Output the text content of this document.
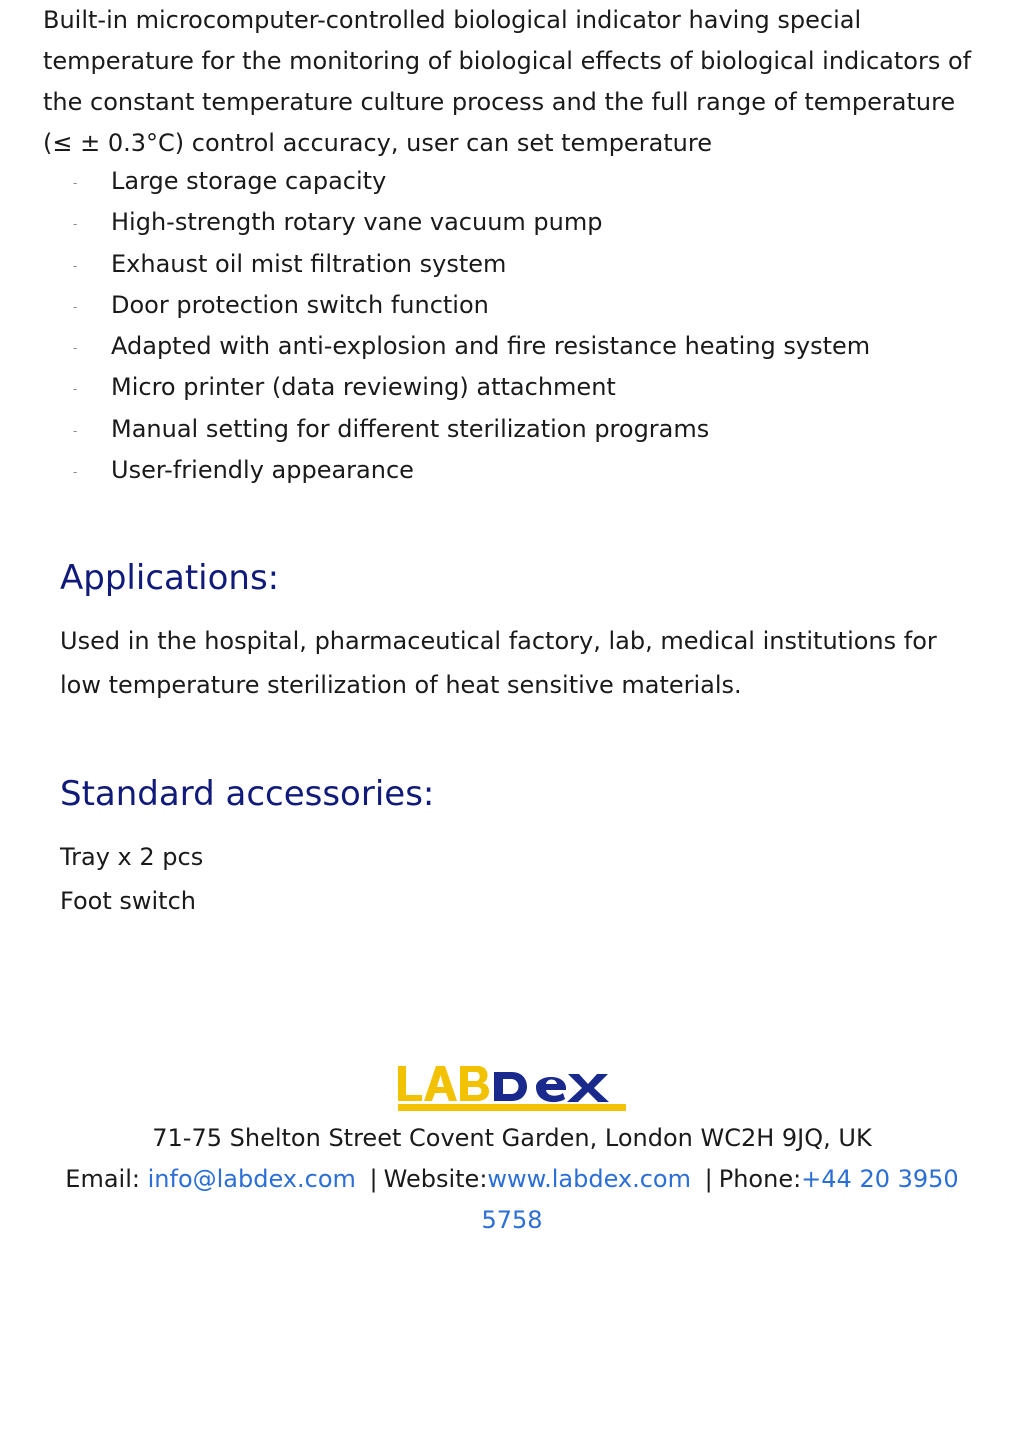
Built-in microcomputer-controlled biological indicator having special temperature for the monitoring of biological effects of biological indicators of the constant temperature culture process and the full range of temperature (≤ ± 0.3°C) control accuracy, user can set temperature

- Large storage capacity
- High-strength rotary vane vacuum pump
- Exhaust oil mist filtration system
- Door protection switch function
- Adapted with anti-explosion and fire resistance heating system
- Micro printer (data reviewing) attachment
- Manual setting for different sterilization programs
- User-friendly appearance
Applications:

Used in the hospital, pharmaceutical factory, lab, medical institutions for low temperature sterilization of heat sensitive materials.

Standard accessories:
Tray x 2 pcs
Foot switch
71-75 Shelton Street Covent Garden, London WC2H 9JQ, UK
Email: info@labdex.com | Website:www.labdex.com | Phone:+44 20 3950
5758
